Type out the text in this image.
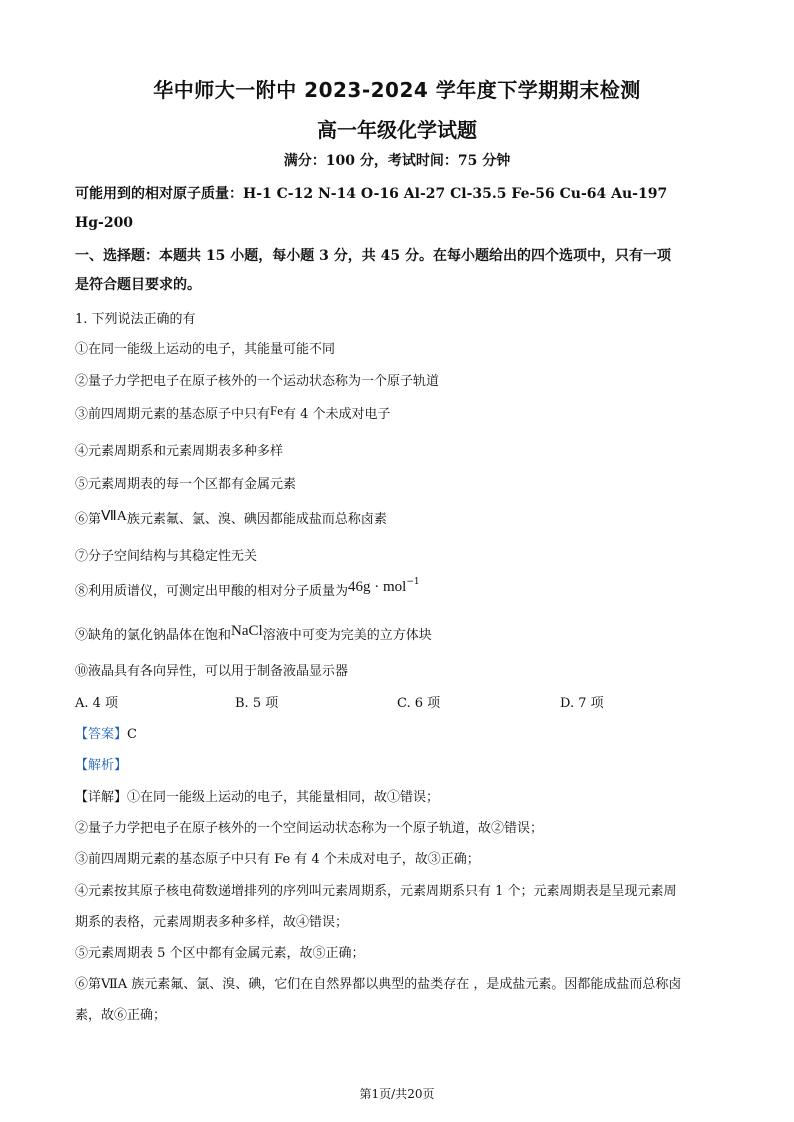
华中师大一附中 2023-2024 学年度下学期期末检测
高一年级化学试题
满分：100 分，考试时间：75 分钟
可能用到的相对原子质量：H-1 C-12 N-14 O-16 Al-27 Cl-35.5 Fe-56 Cu-64 Au-197
Hg-200
一、选择题：本题共 15 小题，每小题 3 分，共 45 分。在每小题给出的四个选项中，只有一项
是符合题目要求的。
1. 下列说法正确的有
①在同一能级上运动的电子，其能量可能不同
②量子力学把电子在原子核外的一个运动状态称为一个原子轨道
③前四周期元素的基态原子中只有Fe有 4 个未成对电子
④元素周期系和元素周期表多种多样
⑤元素周期表的每一个区都有金属元素
⑥第ⅦA族元素氟、氯、溴、碘因都能成盐而总称卤素
⑦分子空间结构与其稳定性无关
⑧利用质谱仪，可测定出甲酸的相对分子质量为46g · mol$^{-1}$
⑨缺角的氯化钠晶体在饱和NaCl溶液中可变为完美的立方体块
⑩液晶具有各向异性，可以用于制备液晶显示器
A. 4 项	B. 5 项	C. 6 项	D. 7 项
【答案】C
【解析】
【详解】①在同一能级上运动的电子，其能量相同，故①错误；
②量子力学把电子在原子核外的一个空间运动状态称为一个原子轨道，故②错误；
③前四周期元素的基态原子中只有 Fe 有 4 个未成对电子，故③正确；
④元素按其原子核电荷数递增排列的序列叫元素周期系，元素周期系只有 1 个；元素周期表是呈现元素周
期系的表格，元素周期表多种多样，故④错误；
⑤元素周期表 5 个区中都有金属元素，故⑤正确；
⑥第ⅦA 族元素氟、氯、溴、碘，它们在自然界都以典型的盐类存在 ，是成盐元素。因都能成盐而总称卤
素，故⑥正确；
第1页/共20页
